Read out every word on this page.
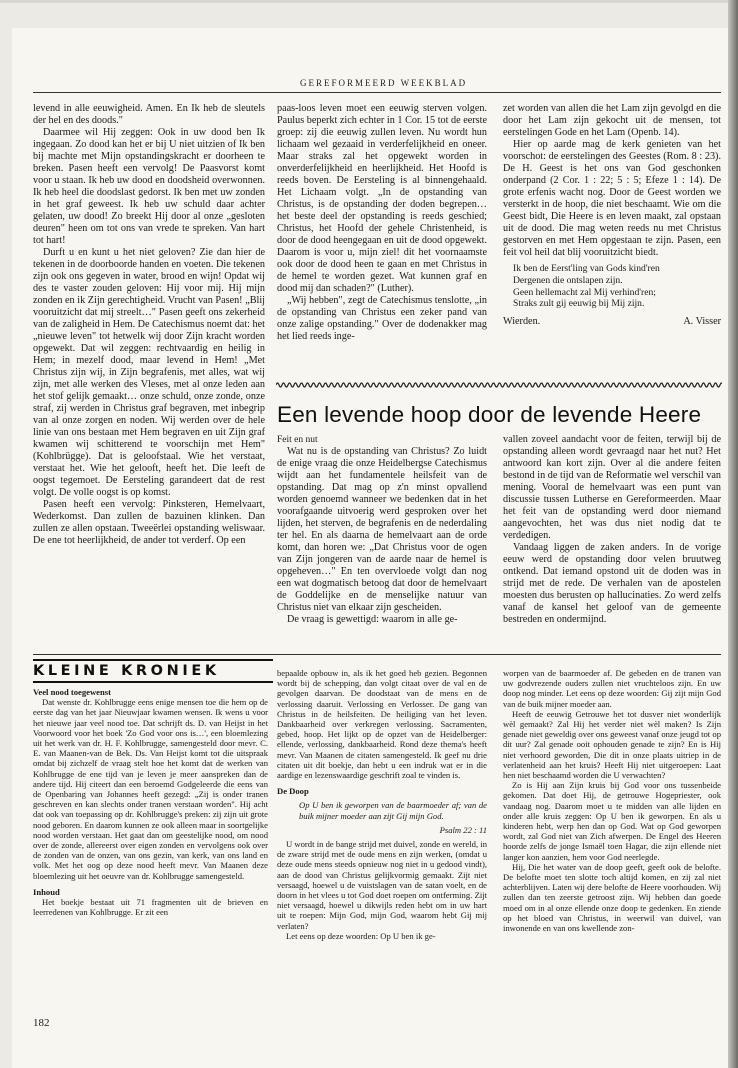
GEREFORMEERD WEEKBLAD

levend in alle eeuwigheid. Amen. En Ik heb de sleutels der hel en des doods."

Daarmee wil Hij zeggen: Ook in uw dood ben Ik ingegaan. Zo dood kan het er bij U niet uitzien of Ik ben bij machte met Mijn opstandingskracht er doorheen te breken. Pasen heeft een vervolg! De Paasvorst komt voor u staan. Ik heb uw dood en doodsheid overwonnen. Ik heb heel die doodslast gedorst. Ik ben met uw zonden in het graf geweest. Ik heb uw schuld daar achter gelaten, uw dood! Zo breekt Hij door al onze „gesloten deuren" heen om tot ons van vrede te spreken. Van hart tot hart!

Durft u en kunt u het niet geloven? Zie dan hier de tekenen in de doorboorde handen en voeten. Die tekenen zijn ook ons gegeven in water, brood en wijn! Opdat wij des te vaster zouden geloven: Hij voor mij. Hij mijn zonden en ik Zijn gerechtigheid. Vrucht van Pasen! „Blij vooruitzicht dat mij streelt…" Pasen geeft ons zekerheid van de zaligheid in Hem. De Catechismus noemt dat: het „nieuwe leven" tot hetwelk wij door Zijn kracht worden opgewekt. Dat wil zeggen: rechtvaardig en heilig in Hem; in mezelf dood, maar levend in Hem! „Met Christus zijn wij, in Zijn begrafenis, met alles, wat wij zijn, met alle werken des Vleses, met al onze leden aan het stof gelijk gemaakt… onze schuld, onze zonde, onze straf, zij werden in Christus graf begraven, met inbegrip van al onze zorgen en noden. Wij werden over de hele linie van ons bestaan met Hem begraven en uit Zijn graf kwamen wij schitterend te voorschijn met Hem" (Kohlbrügge). Dat is geloofstaal. Wie het verstaat, verstaat het. Wie het gelooft, heeft het. Die leeft de oogst tegemoet. De Eersteling garandeert dat de rest volgt. De volle oogst is op komst.

Pasen heeft een vervolg: Pinksteren, Hemelvaart, Wederkomst. Dan zullen de bazuinen klinken. Dan zullen ze allen opstaan. Tweeërlei opstanding weliswaar. De ene tot heerlijkheid, de ander tot verderf. Op een

paas-loos leven moet een eeuwig sterven volgen. Paulus beperkt zich echter in 1 Cor. 15 tot de eerste groep: zij die eeuwig zullen leven. Nu wordt hun lichaam wel gezaaid in verderfelijkheid en oneer. Maar straks zal het opgewekt worden in onverderfelijkheid en heerlijkheid. Het Hoofd is reeds boven. De Eersteling is al binnengehaald. Het Lichaam volgt. „In de opstanding van Christus, is de opstanding der doden begrepen… het beste deel der opstanding is reeds geschied; Christus, het Hoofd der gehele Christenheid, is door de dood heengegaan en uit de dood opgewekt. Daarom is voor u, mijn ziel! dit het voornaamste ook door de dood heen te gaan en met Christus in de hemel te worden gezet. Wat kunnen graf en dood mij dan schaden?" (Luther).

„Wij hebben", zegt de Catechismus tenslotte, „in de opstanding van Christus een zeker pand van onze zalige opstanding." Over de dodenakker mag het lied reeds inge-

zet worden van allen die het Lam zijn gevolgd en die door het Lam zijn gekocht uit de mensen, tot eerstelingen Gode en het Lam (Openb. 14).

Hier op aarde mag de kerk genieten van het voorschot: de eerstelingen des Geestes (Rom. 8 : 23). De H. Geest is het ons van God geschonken onderpand (2 Cor. 1 : 22; 5 : 5; Efeze 1 : 14). De grote erfenis wacht nog. Door de Geest worden we versterkt in de hoop, die niet beschaamt. Wie om die Geest bidt, Die Heere is en leven maakt, zal opstaan uit de dood. Die mag weten reeds nu met Christus gestorven en met Hem opgestaan te zijn. Pasen, een feit vol heil dat blij vooruitzicht biedt.

Ik ben de Eerst'ling van Gods kind'ren
Dergenen die ontslapen zijn.
Geen hellemacht zal Mij verhind'ren;
Straks zult gij eeuwig bij Mij zijn.
Wierden.	A. Visser
Een levende hoop door de levende Heere

Feit en nut

Wat nu is de opstanding van Christus? Zo luidt de enige vraag die onze Heidelbergse Catechismus wijdt aan het fundamentele heilsfeit van de opstanding. Dat mag op z'n minst opvallend worden genoemd wanneer we bedenken dat in het voorafgaande uitvoerig werd gesproken over het lijden, het sterven, de begrafenis en de nederdaling ter hel. En als daarna de hemelvaart aan de orde komt, dan horen we: „Dat Christus voor de ogen van Zijn jongeren van de aarde naar de hemel is opgeheven…" En ten overvloede volgt dan nog een wat dogmatisch betoog dat door de hemelvaart de Goddelijke en de menselijke natuur van Christus niet van elkaar zijn gescheiden.

De vraag is gewettigd: waarom in alle ge-

vallen zoveel aandacht voor de feiten, terwijl bij de opstanding alleen wordt gevraagd naar het nut? Het antwoord kan kort zijn. Over al die andere feiten bestond in de tijd van de Reformatie wel verschil van mening. Vooral de hemelvaart was een punt van discussie tussen Lutherse en Gereformeerden. Maar het feit van de opstanding werd door niemand aangevochten, het was dus niet nodig dat te verdedigen.

Vandaag liggen de zaken anders. In de vorige eeuw werd de opstanding door velen bruutweg ontkend. Dat iemand opstond uit de doden was in strijd met de rede. De verhalen van de apostelen moesten dus berusten op hallucinaties. Zo werd zelfs vanaf de kansel het geloof van de gemeente bestreden en ondermijnd.

KLEINE KRONIEK

Veel nood toegewenst

Dat wenste dr. Kohlbrugge eens enige mensen toe die hem op de eerste dag van het jaar Nieuwjaar kwamen wensen. Ik wens u voor het nieuwe jaar veel nood toe. Dat schrijft ds. D. van Heijst in het Voorwoord voor het boek 'Zo God voor ons is…', een bloemlezing uit het werk van dr. H. F. Kohlbrugge, samengesteld door mevr. C. E. van Maanen-van de Bek. Ds. Van Heijst komt tot die uitspraak omdat bij zichzelf de vraag stelt hoe het komt dat de werken van Kohlbrugge de ene tijd van je leven je meer aanspreken dan de andere tijd. Hij citeert dan een beroemd Godgeleerde die eens van de Openbaring van Johannes heeft gezegd: „Zij is onder tranen geschreven en kan slechts onder tranen verstaan worden". Hij acht dat ook van toepassing op dr. Kohlbrugge's preken: zij zijn uit grote nood geboren. En daarom kunnen ze ook alleen maar in soortgelijke nood worden verstaan. Het gaat dan om geestelijke nood, om nood over de zonde, allereerst over eigen zonden en vervolgens ook over de zonden van de onzen, van ons gezin, van kerk, van ons land en volk. Met het oog op deze nood heeft mevr. Van Maanen deze bloemlezing uit het oeuvre van dr. Kohlbrugge samengesteld.

Inhoud

Het boekje bestaat uit 71 fragmenten uit de brieven en leerredenen van Kohlbrugge. Er zit een

bepaalde opbouw in, als ik het goed heb gezien. Begonnen wordt bij de schepping, dan volgt citaat over de val en de gevolgen daarvan. De doodstaat van de mens en de verlossing daaruit. Verlossing en Verlosser. De gang van Christus in de heilsfeiten. De heiliging van het leven. Dankbaarheid over verkregen verlossing. Sacramenten, gebed, hoop. Het lijkt op de opzet van de Heidelberger: ellende, verlossing, dankbaarheid. Rond deze thema's heeft mevr. Van Maanen de citaten samengesteld. Ik geef nu drie citaten uit dit boekje, dan hebt u een indruk wat er in die aardige en lezenswaardige geschrift zoal te vinden is.

De Doop

Op U ben ik geworpen van de baarmoeder af; van de buik mijner moeder aan zijt Gij mijn God.

Psalm 22 : 11

U wordt in de bange strijd met duivel, zonde en wereld, in de zware strijd met de oude mens en zijn werken, (omdat u deze oude mens steeds opnieuw nog niet in u gedood vindt), aan de dood van Christus gelijkvormig gemaakt. Zijt niet versaagd, hoewel u de vuistslagen van de satan voelt, en de doorn in het vlees u tot God doet roepen om ontferming. Zijt niet versaagd, hoewel u dikwijls reden hebt om in uw hart uit te roepen: Mijn God, mijn God, waarom hebt Gij mij verlaten?

Let eens op deze woorden: Op U ben ik ge-

worpen van de baarmoeder af. De gebeden en de tranen van uw godvrezende ouders zullen niet vruchteloos zijn. En uw doop nog minder. Let eens op deze woorden: Gij zijt mijn God van de buik mijner moeder aan.

Heeft de eeuwig Getrouwe het tot dusver niet wonderlijk wèl gemaakt? Zal Hij het verder niet wèl maken? Is Zijn genade niet geweldig over ons geweest vanaf onze jeugd tot op dit uur? Zal genade ooit ophouden genade te zijn? En is Hij niet verhoord geworden, Die dit in onze plaats uitriep in de verlatenheid aan het kruis? Heeft Hij niet uitgeroepen: Laat hen niet beschaamd worden die U verwachten?

Zo is Hij aan Zijn kruis bij God voor ons tussenbeide gekomen. Dat doet Hij, de getrouwe Hogepriester, ook vandaag nog. Daarom moet u te midden van alle lijden en onder alle kruis zeggen: Op U ben ik geworpen. En als u kinderen hebt, werp hen dan op God. Wat op God geworpen wordt, zal God niet van Zich afwerpen. De Engel des Heeren hoorde zelfs de jonge Ismaël toen Hagar, die zijn ellende niet langer kon aanzien, hem voor God neerlegde.

Hij, Die het water van de doop geeft, geeft ook de belofte. De belofte moet ten slotte toch altijd komen, en zij zal niet achterblijven. Laten wij dere belofte de Heere voorhouden. Wij zullen dan ten zeerste getroost zijn. Wij hebben dan goede moed om in al onze ellende onze doop te gedenken. En ziende op het bloed van Christus, in weerwil van duivel, van inwonende en van ons kwellende zon-

182
